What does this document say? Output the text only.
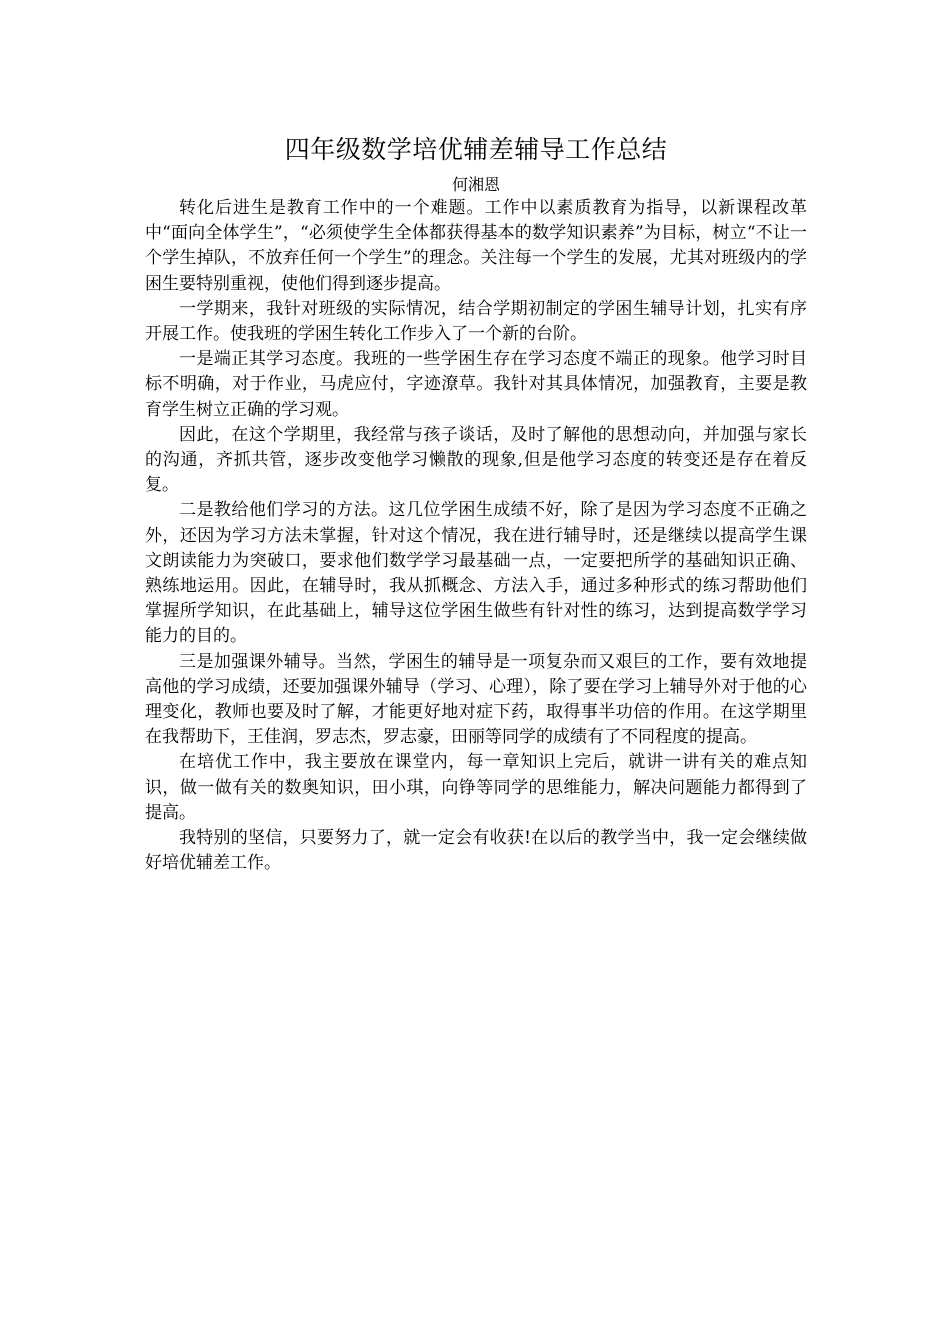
四年级数学培优辅差辅导工作总结

何湘恩

转化后进生是教育工作中的一个难题。工作中以素质教育为指导，以新课程改革中“面向全体学生”，“必须使学生全体都获得基本的数学知识素养”为目标，树立“不让一个学生掉队，不放弃任何一个学生”的理念。关注每一个学生的发展，尤其对班级内的学困生要特别重视，使他们得到逐步提高。

一学期来，我针对班级的实际情况，结合学期初制定的学困生辅导计划，扎实有序开展工作。使我班的学困生转化工作步入了一个新的台阶。

一是端正其学习态度。我班的一些学困生存在学习态度不端正的现象。他学习时目标不明确，对于作业，马虎应付，字迹潦草。我针对其具体情况，加强教育，主要是教育学生树立正确的学习观。

因此，在这个学期里，我经常与孩子谈话，及时了解他的思想动向，并加强与家长的沟通，齐抓共管，逐步改变他学习懒散的现象,但是他学习态度的转变还是存在着反复。

二是教给他们学习的方法。这几位学困生成绩不好，除了是因为学习态度不正确之外，还因为学习方法未掌握，针对这个情况，我在进行辅导时，还是继续以提高学生课文朗读能力为突破口，要求他们数学学习最基础一点，一定要把所学的基础知识正确、熟练地运用。因此，在辅导时，我从抓概念、方法入手，通过多种形式的练习帮助他们掌握所学知识，在此基础上，辅导这位学困生做些有针对性的练习，达到提高数学学习能力的目的。

三是加强课外辅导。当然，学困生的辅导是一项复杂而又艰巨的工作，要有效地提高他的学习成绩，还要加强课外辅导（学习、心理），除了要在学习上辅导外对于他的心理变化，教师也要及时了解，才能更好地对症下药，取得事半功倍的作用。在这学期里在我帮助下，王佳润，罗志杰，罗志豪，田丽等同学的成绩有了不同程度的提高。

在培优工作中，我主要放在课堂内，每一章知识上完后，就讲一讲有关的难点知识，做一做有关的数奥知识，田小琪，向铮等同学的思维能力，解决问题能力都得到了提高。

我特别的坚信，只要努力了，就一定会有收获!在以后的教学当中，我一定会继续做好培优辅差工作。
